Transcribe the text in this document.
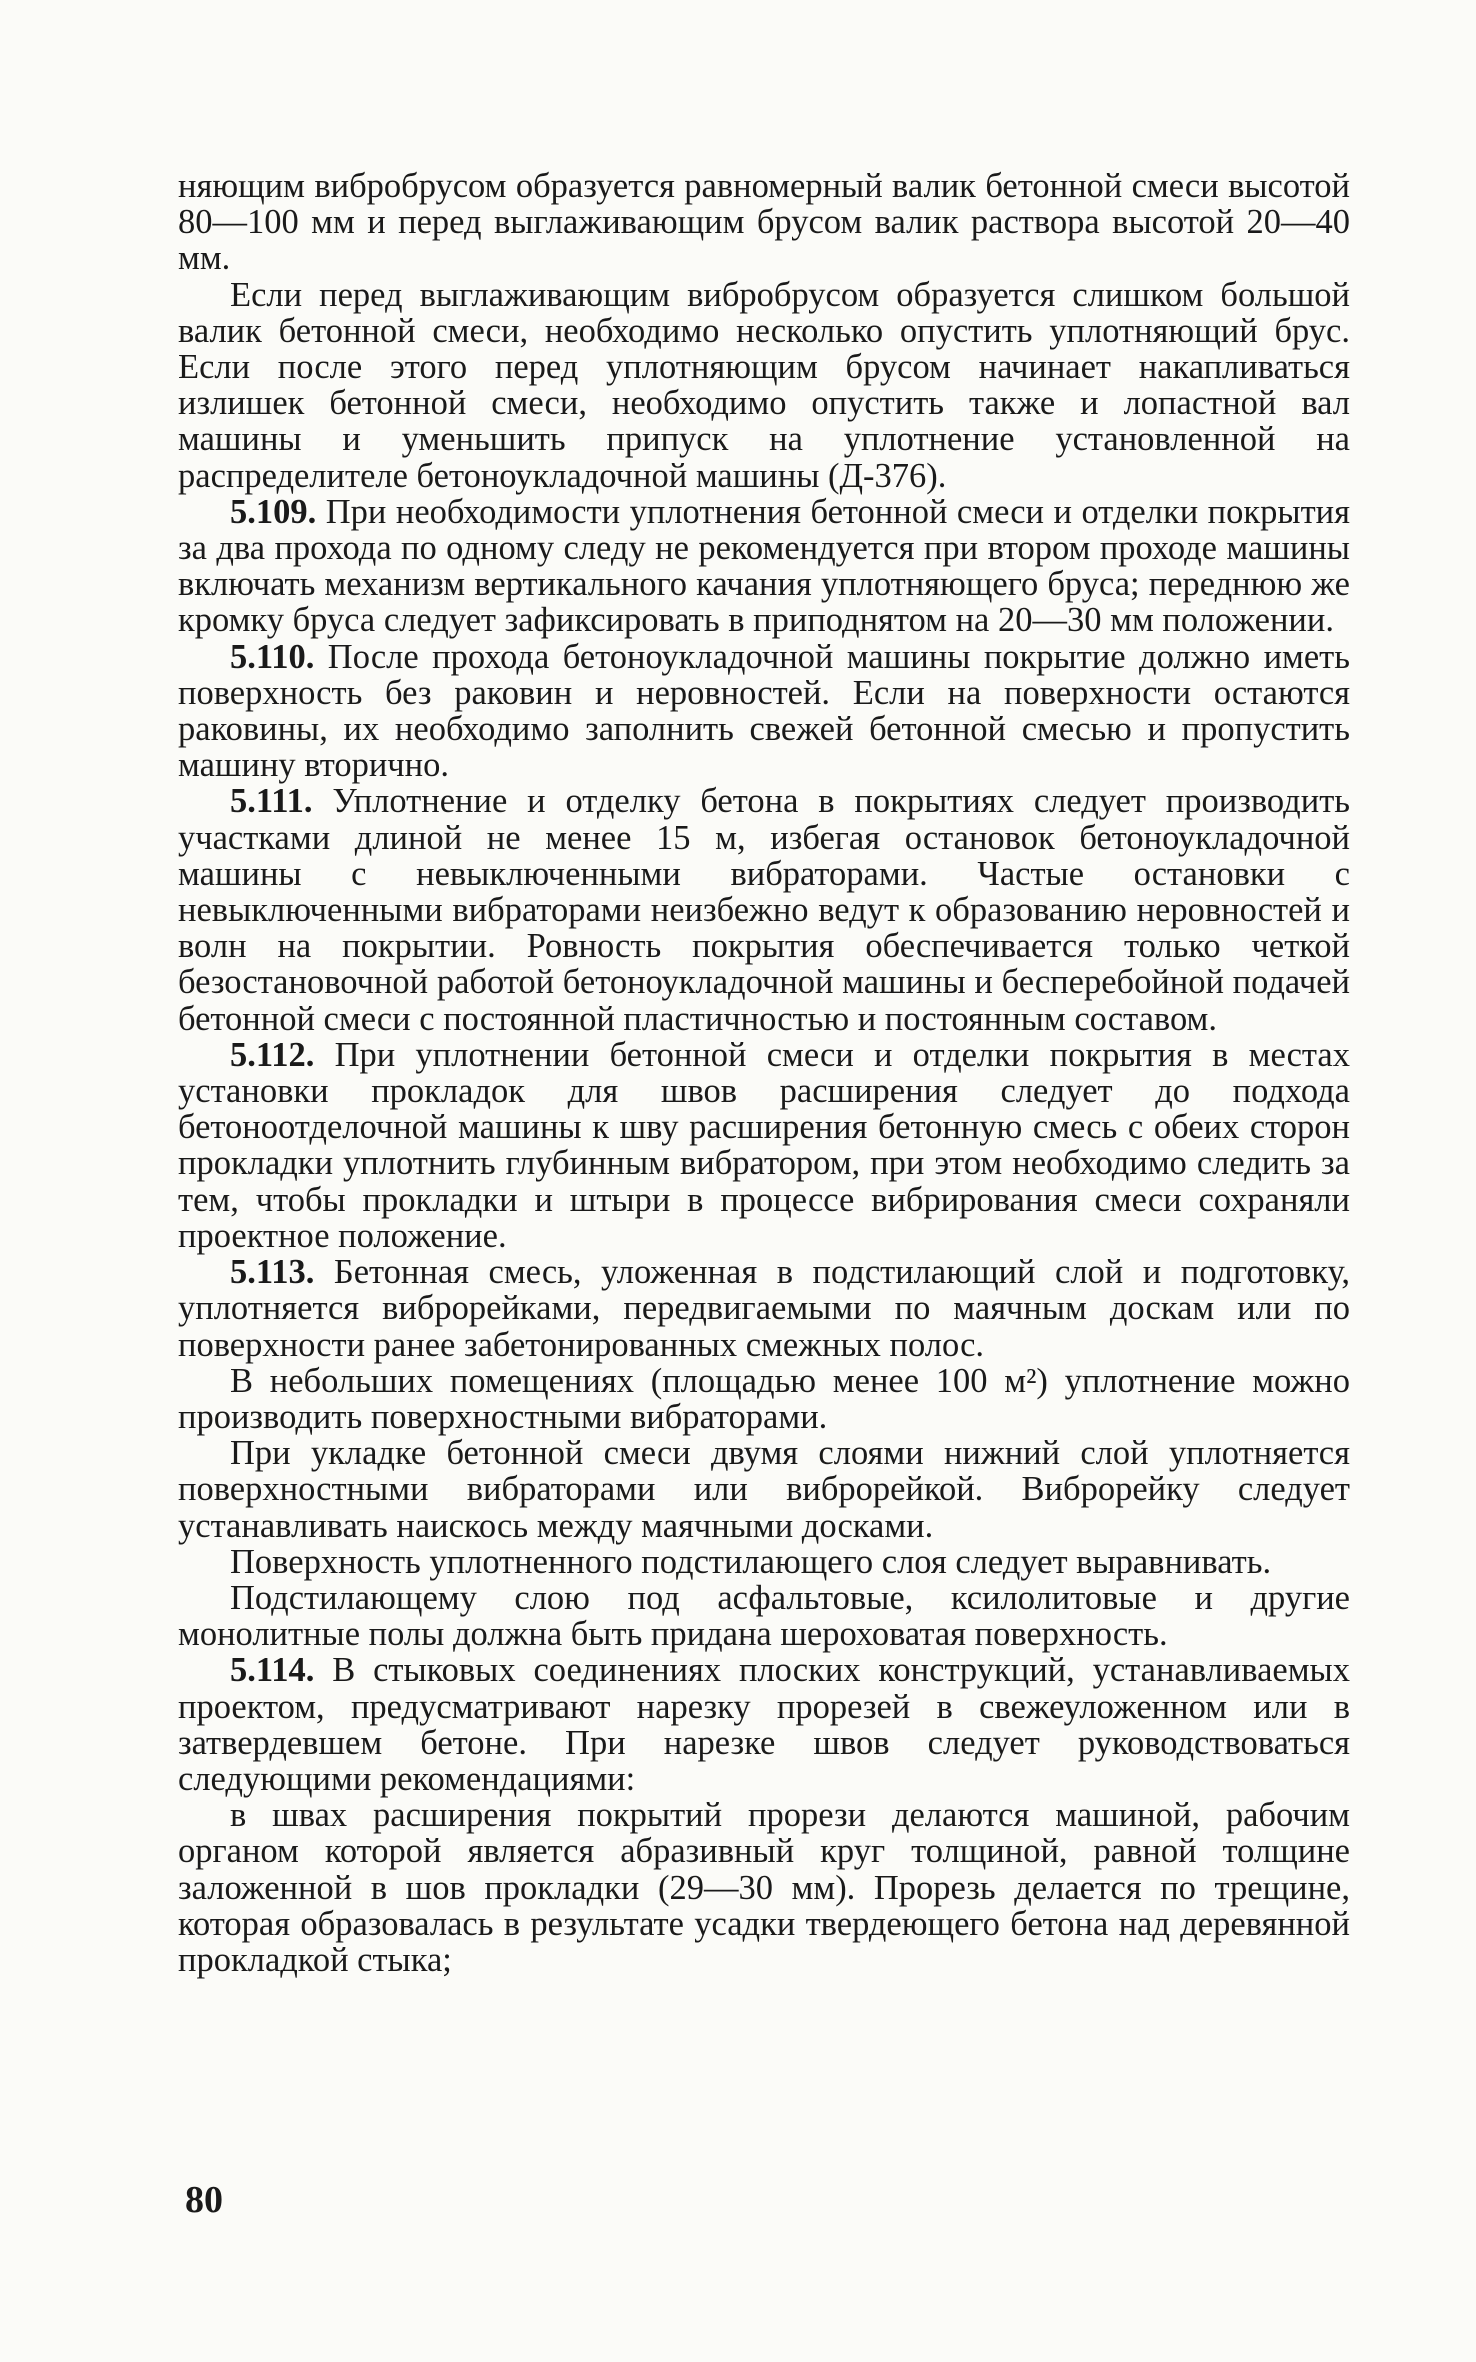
няющим вибробрусом образуется равномерный валик бетонной смеси высотой 80—100 мм и перед выглаживающим брусом валик раствора высотой 20—40 мм.

Если перед выглаживающим вибробрусом образуется слишком большой валик бетонной смеси, необходимо несколько опустить уплотняющий брус. Если после этого перед уплотняющим брусом начинает накапливаться излишек бетонной смеси, необходимо опустить также и лопастной вал машины и уменьшить припуск на уплотнение установленной на распределителе бетоноукладочной машины (Д-376).

5.109. При необходимости уплотнения бетонной смеси и отделки покрытия за два прохода по одному следу не рекомендуется при втором проходе машины включать механизм вертикального качания уплотняющего бруса; переднюю же кромку бруса следует зафиксировать в приподнятом на 20—30 мм положении.

5.110. После прохода бетоноукладочной машины покрытие должно иметь поверхность без раковин и неровностей. Если на поверхности остаются раковины, их необходимо заполнить свежей бетонной смесью и пропустить машину вторично.

5.111. Уплотнение и отделку бетона в покрытиях следует производить участками длиной не менее 15 м, избегая остановок бетоноукладочной машины с невыключенными вибраторами. Частые остановки с невыключенными вибраторами неизбежно ведут к образованию неровностей и волн на покрытии. Ровность покрытия обеспечивается только четкой безостановочной работой бетоноукладочной машины и бесперебойной подачей бетонной смеси с постоянной пластичностью и постоянным составом.

5.112. При уплотнении бетонной смеси и отделки покрытия в местах установки прокладок для швов расширения следует до подхода бетоноотделочной машины к шву расширения бетонную смесь с обеих сторон прокладки уплотнить глубинным вибратором, при этом необходимо следить за тем, чтобы прокладки и штыри в процессе вибрирования смеси сохраняли проектное положение.

5.113. Бетонная смесь, уложенная в подстилающий слой и подготовку, уплотняется виброрейками, передвигаемыми по маячным доскам или по поверхности ранее забетонированных смежных полос.

В небольших помещениях (площадью менее 100 м²) уплотнение можно производить поверхностными вибраторами.

При укладке бетонной смеси двумя слоями нижний слой уплотняется поверхностными вибраторами или виброрейкой. Виброрейку следует устанавливать наискось между маячными досками.

Поверхность уплотненного подстилающего слоя следует выравнивать.

Подстилающему слою под асфальтовые, ксилолитовые и другие монолитные полы должна быть придана шероховатая поверхность.

5.114. В стыковых соединениях плоских конструкций, устанавливаемых проектом, предусматривают нарезку прорезей в свежеуложенном или в затвердевшем бетоне. При нарезке швов следует руководствоваться следующими рекомендациями:

в швах расширения покрытий прорези делаются машиной, рабочим органом которой является абразивный круг толщиной, равной толщине заложенной в шов прокладки (29—30 мм). Прорезь делается по трещине, которая образовалась в результате усадки твердеющего бетона над деревянной прокладкой стыка;

80
